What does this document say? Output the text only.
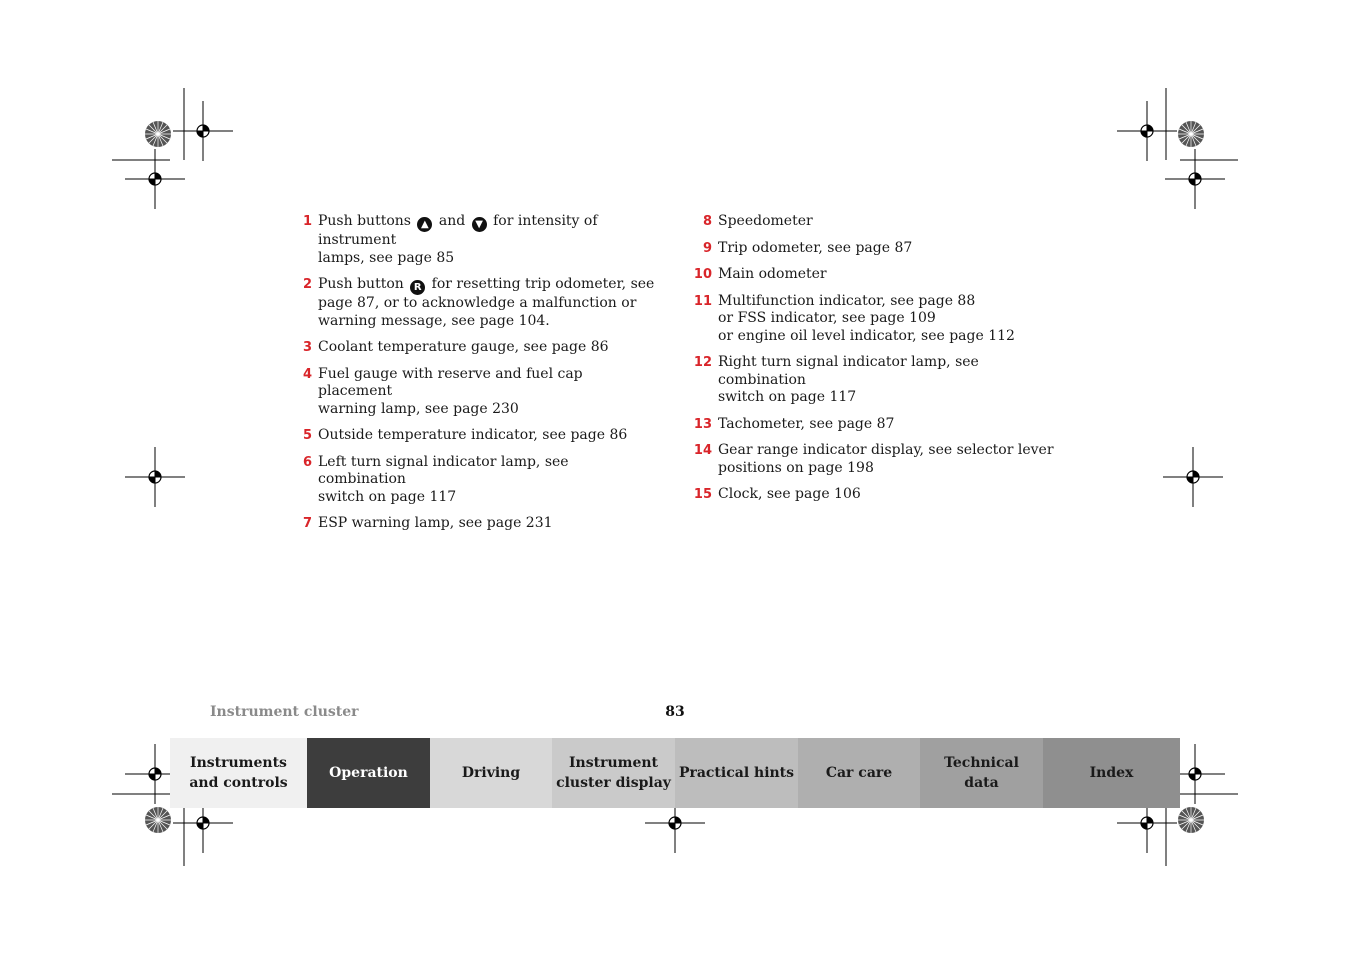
1 Push buttons ▲ and ▼ for intensity of instrument
lamps, see page 85
2 Push button R for resetting trip odometer, see
page 87, or to acknowledge a malfunction or
warning message, see page 104.
3 Coolant temperature gauge, see page 86
4 Fuel gauge with reserve and fuel cap placement
warning lamp, see page 230
5 Outside temperature indicator, see page 86
6 Left turn signal indicator lamp, see combination
switch on page 117
7 ESP warning lamp, see page 231
8 Speedometer
9 Trip odometer, see page 87
10 Main odometer
11 Multifunction indicator, see page 88
or FSS indicator, see page 109
or engine oil level indicator, see page 112
12 Right turn signal indicator lamp, see combination
switch on page 117
13 Tachometer, see page 87
14 Gear range indicator display, see selector lever
positions on page 198
15 Clock, see page 106
Instrument cluster	83
Instruments
and controls
Operation	Driving
Instrument
cluster display
Practical hints	Car care
Technical
data
Index
